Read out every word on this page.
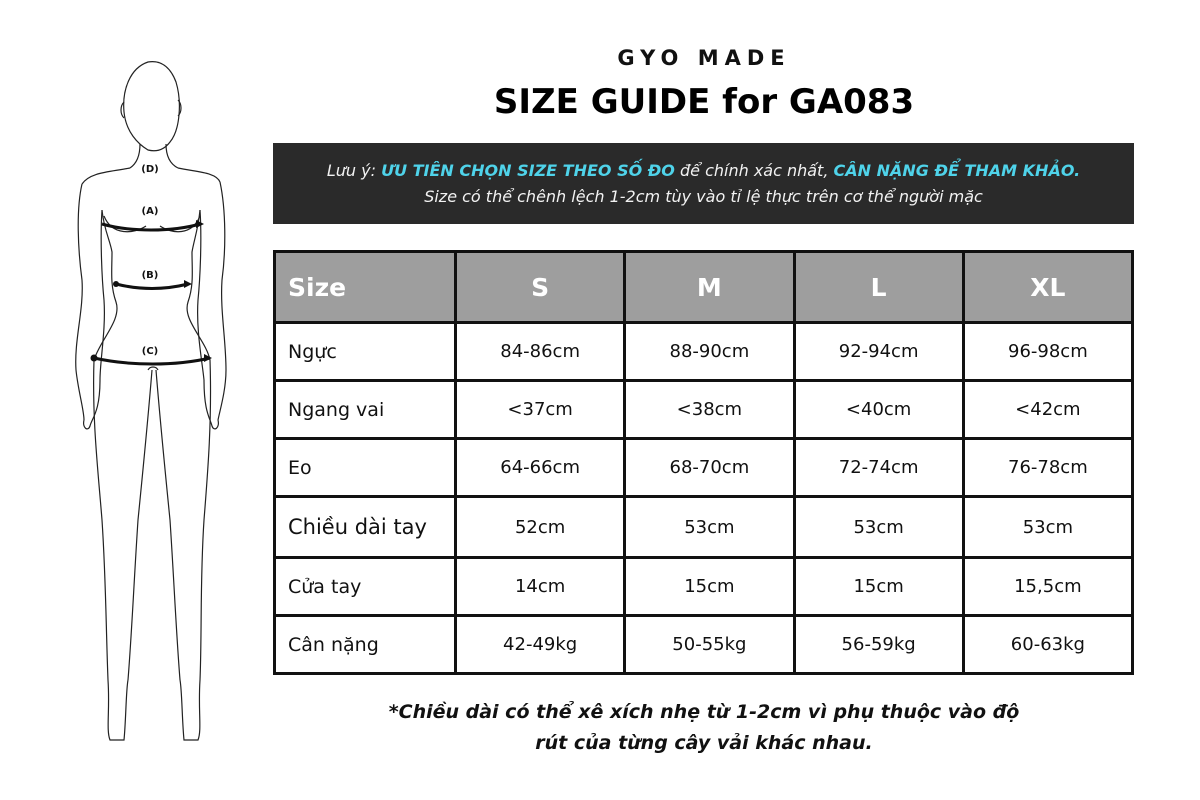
(D)
(A)
(B)
(C)
GYO MADE
SIZE GUIDE for GA083
Lưu ý: ƯU TIÊN CHỌN SIZE THEO SỐ ĐO để chính xác nhất, CÂN NẶNG ĐỂ THAM KHẢO.
Size có thể chênh lệch 1-2cm tùy vào tỉ lệ thực trên cơ thể người mặc
Size	S	M	L	XL
Ngực	84-86cm	88-90cm	92-94cm	96-98cm
Ngang vai	<37cm	<38cm	<40cm	<42cm
Eo	64-66cm	68-70cm	72-74cm	76-78cm
Chiều dài tay	52cm	53cm	53cm	53cm
Cửa tay	14cm	15cm	15cm	15,5cm
Cân nặng	42-49kg	50-55kg	56-59kg	60-63kg
*Chiều dài có thể xê xích nhẹ từ 1-2cm vì phụ thuộc vào độ
rút của từng cây vải khác nhau.
